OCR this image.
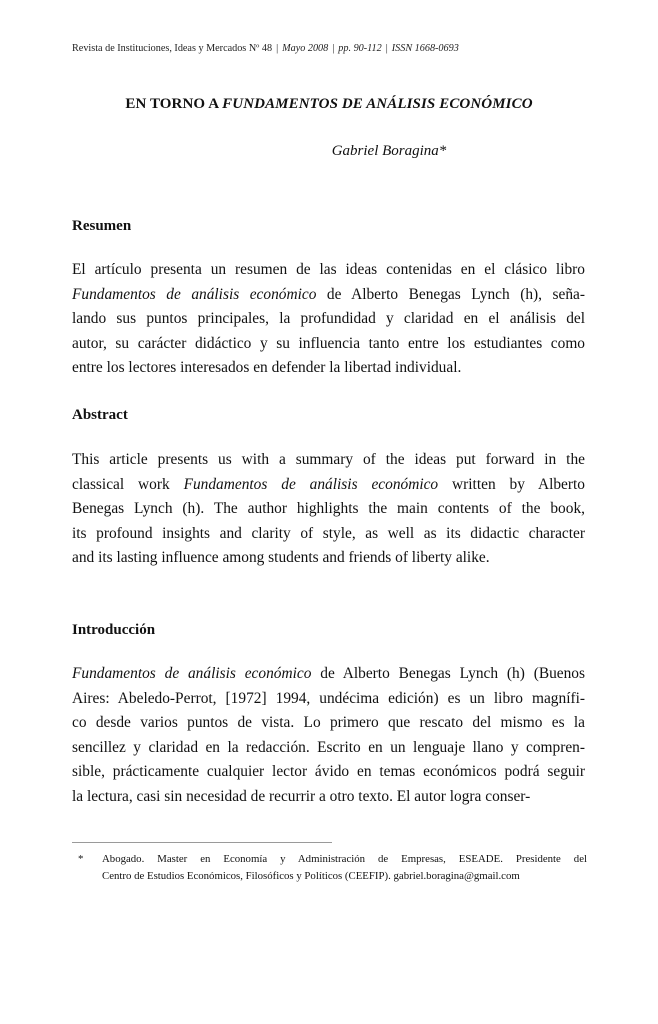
Revista de Instituciones, Ideas y Mercados Nº 48 | Mayo 2008 | pp. 90-112 | ISSN 1668-0693
EN TORNO A FUNDAMENTOS DE ANÁLISIS ECONÓMICO
Gabriel Boragina*
Resumen
El artículo presenta un resumen de las ideas contenidas en el clásico libro
Fundamentos de análisis económico de Alberto Benegas Lynch (h), seña-
lando sus puntos principales, la profundidad y claridad en el análisis del
autor, su carácter didáctico y su influencia tanto entre los estudiantes como
entre los lectores interesados en defender la libertad individual.
Abstract
This article presents us with a summary of the ideas put forward in the
classical work Fundamentos de análisis económico written by Alberto
Benegas Lynch (h). The author highlights the main contents of the book,
its profound insights and clarity of style, as well as its didactic character
and its lasting influence among students and friends of liberty alike.
Introducción
Fundamentos de análisis económico de Alberto Benegas Lynch (h) (Buenos
Aires: Abeledo-Perrot, [1972] 1994, undécima edición) es un libro magnífi-
co desde varios puntos de vista. Lo primero que rescato del mismo es la
sencillez y claridad en la redacción. Escrito en un lenguaje llano y compren-
sible, prácticamente cualquier lector ávido en temas económicos podrá seguir
la lectura, casi sin necesidad de recurrir a otro texto. El autor logra conser-
* Abogado. Master en Economía y Administración de Empresas, ESEADE. Presidente del
Centro de Estudios Económicos, Filosóficos y Políticos (CEEFIP). gabriel.boragina@gmail.com
